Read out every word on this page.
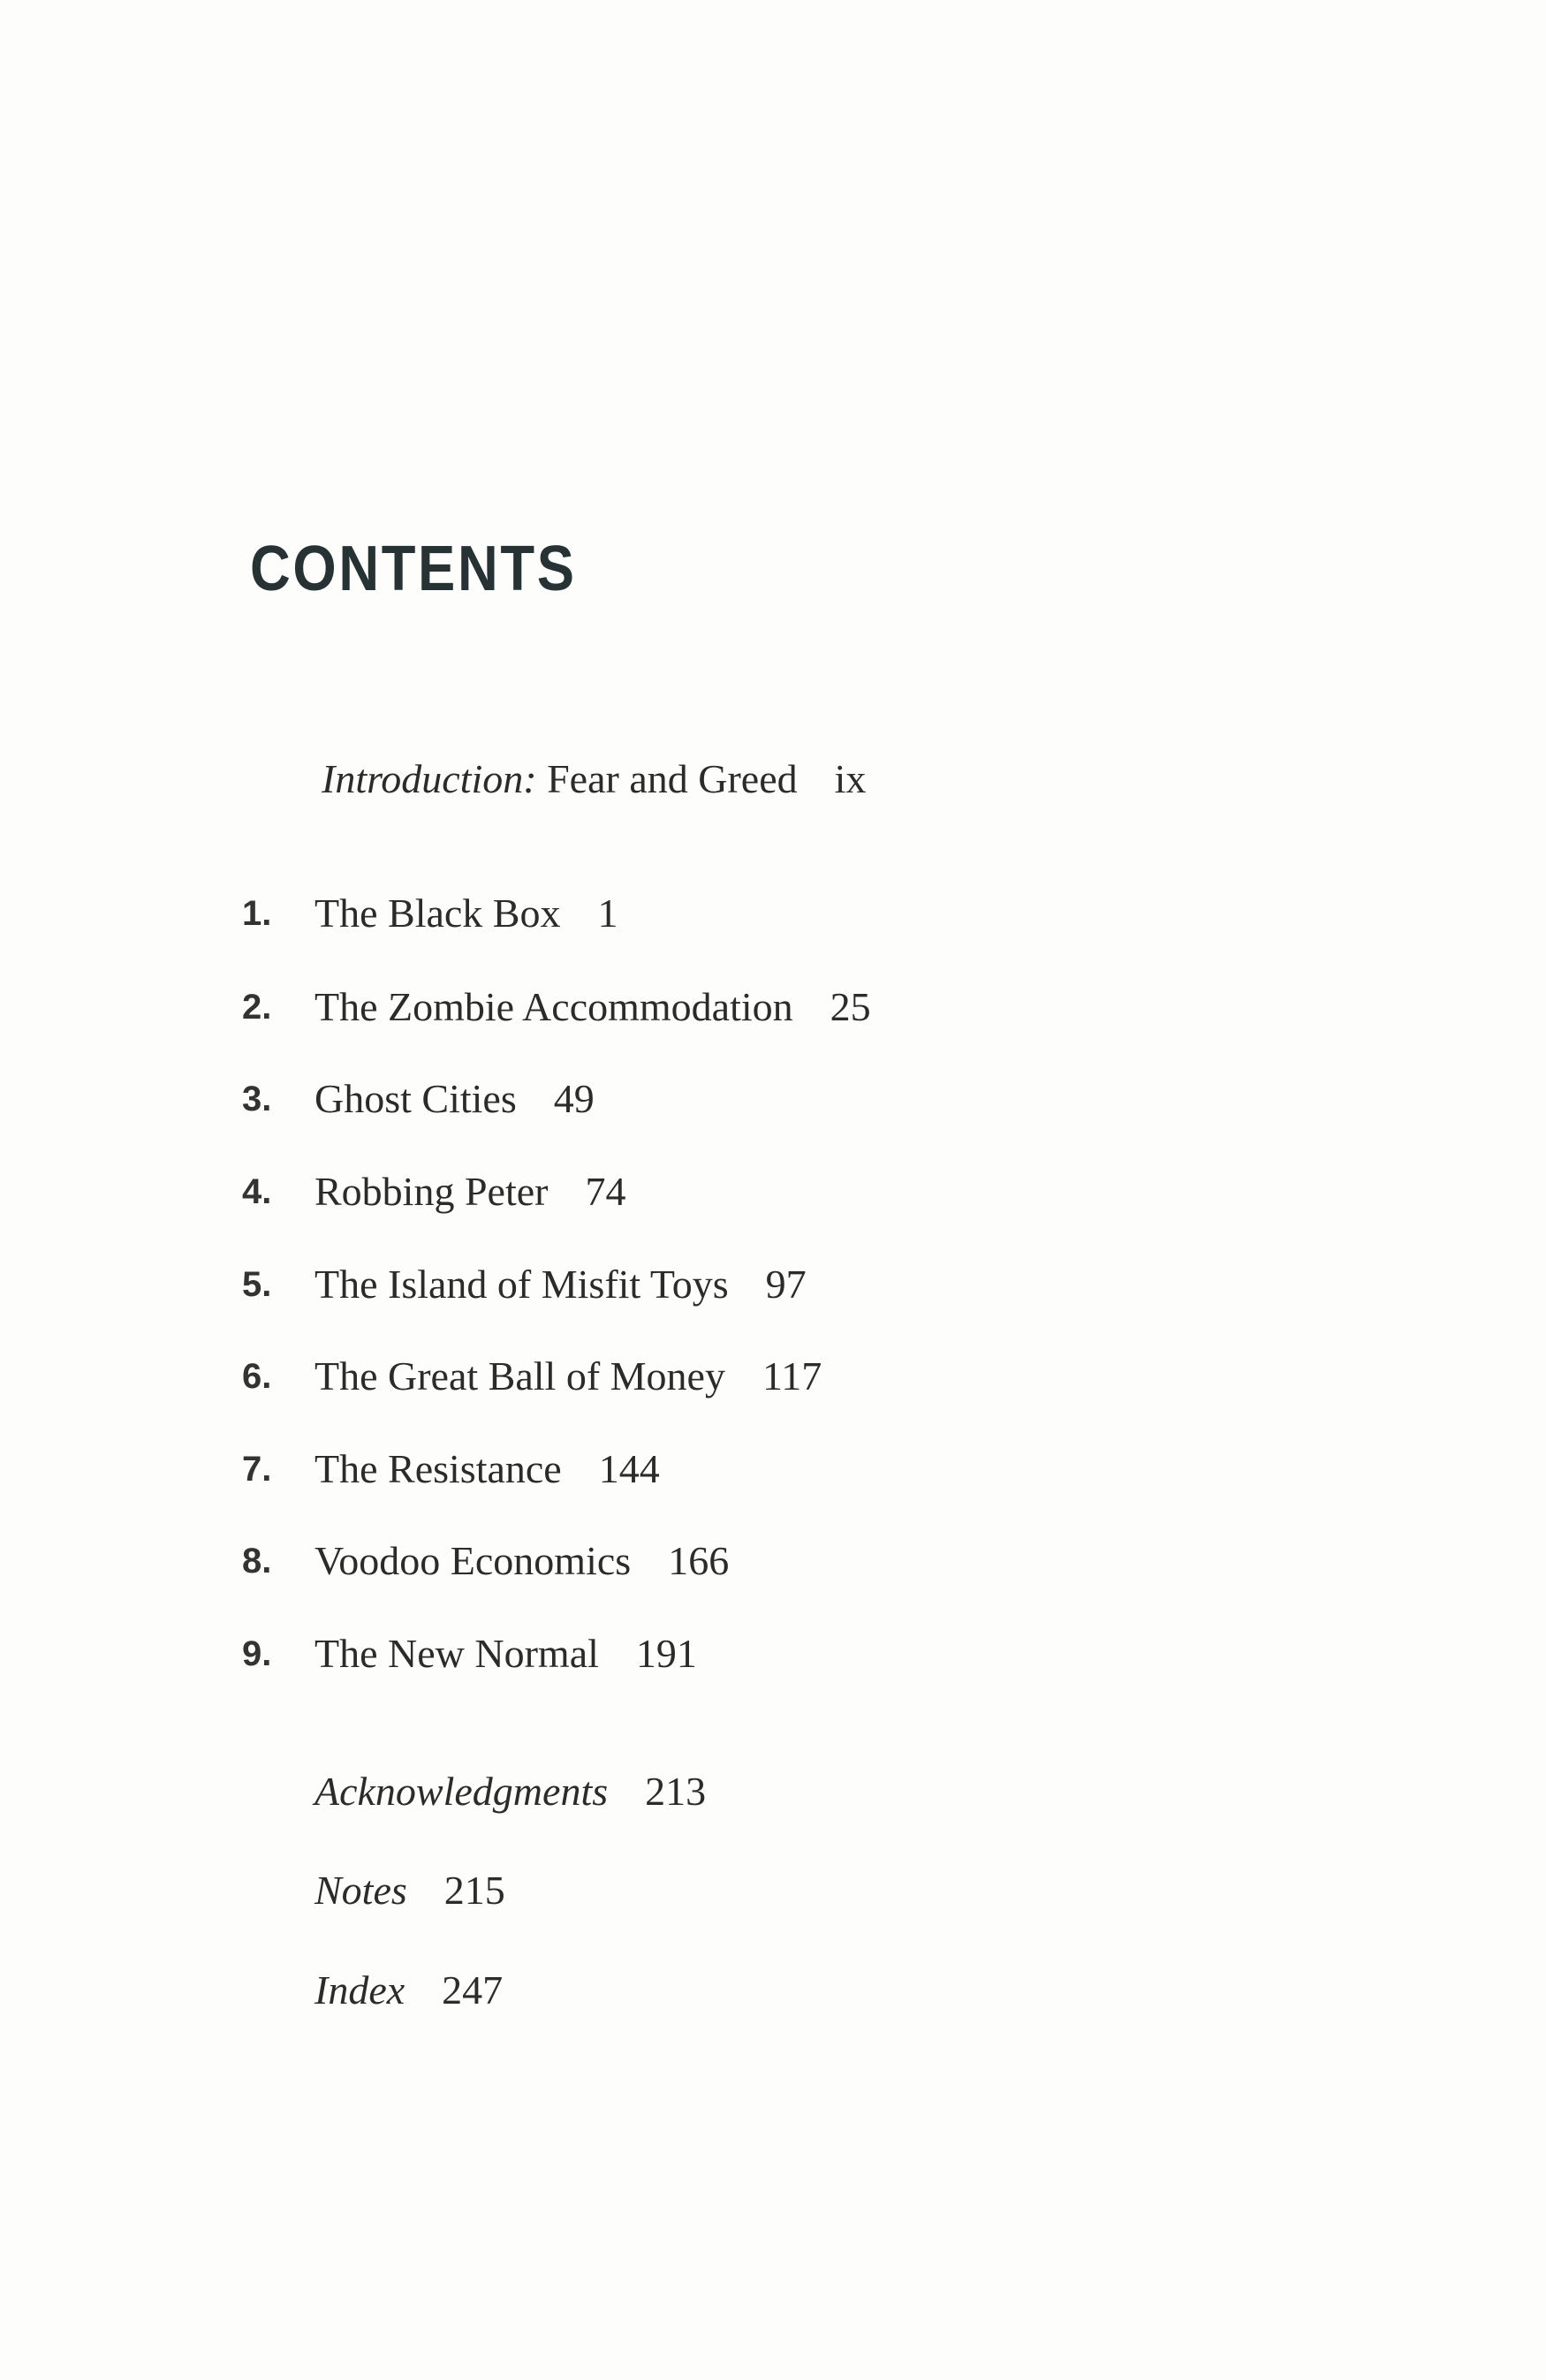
CONTENTS
Introduction: Fear and Greed ix
1. The Black Box 1
2. The Zombie Accommodation 25
3. Ghost Cities 49
4. Robbing Peter 74
5. The Island of Misfit Toys 97
6. The Great Ball of Money 117
7. The Resistance 144
8. Voodoo Economics 166
9. The New Normal 191
Acknowledgments 213
Notes 215
Index 247
